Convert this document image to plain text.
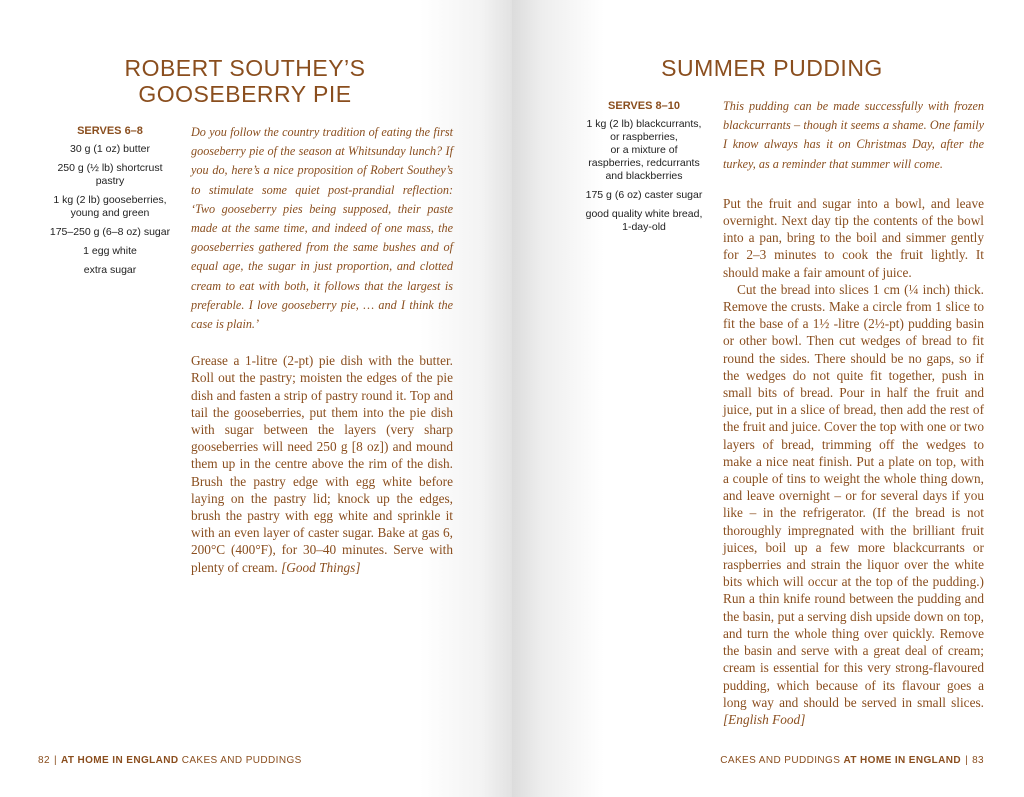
ROBERT SOUTHEY’S
GOOSEBERRY PIE

SERVES 6–8

30 g (1 oz) butter

250 g (½ lb) shortcrust
pastry

1 kg (2 lb) gooseberries,
young and green

175–250 g (6–8 oz) sugar

1 egg white

extra sugar

Do you follow the country tradition of eating the first gooseberry pie of the season at Whitsunday lunch? If you do, here’s a nice proposition of Robert Southey’s to stimulate some quiet post-prandial reflection: ‘Two gooseberry pies being supposed, their paste made at the same time, and indeed of one mass, the gooseberries gathered from the same bushes and of equal age, the sugar in just proportion, and clotted cream to eat with both, it follows that the largest is preferable. I love gooseberry pie, … and I think the case is plain.’

Grease a 1-litre (2-pt) pie dish with the butter. Roll out the pastry; moisten the edges of the pie dish and fasten a strip of pastry round it. Top and tail the gooseberries, put them into the pie dish with sugar between the layers (very sharp gooseberries will need 250 g [8 oz]) and mound them up in the centre above the rim of the dish. Brush the pastry edge with egg white before laying on the pastry lid; knock up the edges, brush the pastry with egg white and sprinkle it with an even layer of caster sugar. Bake at gas 6, 200°C (400°F), for 30–40 minutes. Serve with plenty of cream. [Good Things]

82 | AT HOME IN ENGLAND CAKES AND PUDDINGS
SUMMER PUDDING

SERVES 8–10

1 kg (2 lb) blackcurrants,
or raspberries,
or a mixture of
raspberries, redcurrants
and blackberries

175 g (6 oz) caster sugar

good quality white bread,
1-day-old

This pudding can be made successfully with frozen blackcurrants – though it seems a shame. One family I know always has it on Christmas Day, after the turkey, as a reminder that summer will come.

Put the fruit and sugar into a bowl, and leave overnight. Next day tip the contents of the bowl into a pan, bring to the boil and simmer gently for 2–3 minutes to cook the fruit lightly. It should make a fair amount of juice.

Cut the bread into slices 1 cm (¼ inch) thick. Remove the crusts. Make a circle from 1 slice to fit the base of a 1½ -litre (2½-pt) pudding basin or other bowl. Then cut wedges of bread to fit round the sides. There should be no gaps, so if the wedges do not quite fit together, push in small bits of bread. Pour in half the fruit and juice, put in a slice of bread, then add the rest of the fruit and juice. Cover the top with one or two layers of bread, trimming off the wedges to make a nice neat finish. Put a plate on top, with a couple of tins to weight the whole thing down, and leave overnight – or for several days if you like – in the refrigerator. (If the bread is not thoroughly impregnated with the brilliant fruit juices, boil up a few more blackcurrants or raspberries and strain the liquor over the white bits which will occur at the top of the pudding.) Run a thin knife round between the pudding and the basin, put a serving dish upside down on top, and turn the whole thing over quickly. Remove the basin and serve with a great deal of cream; cream is essential for this very strong-flavoured pudding, which because of its flavour goes a long way and should be served in small slices. [English Food]

CAKES AND PUDDINGS AT HOME IN ENGLAND | 83
